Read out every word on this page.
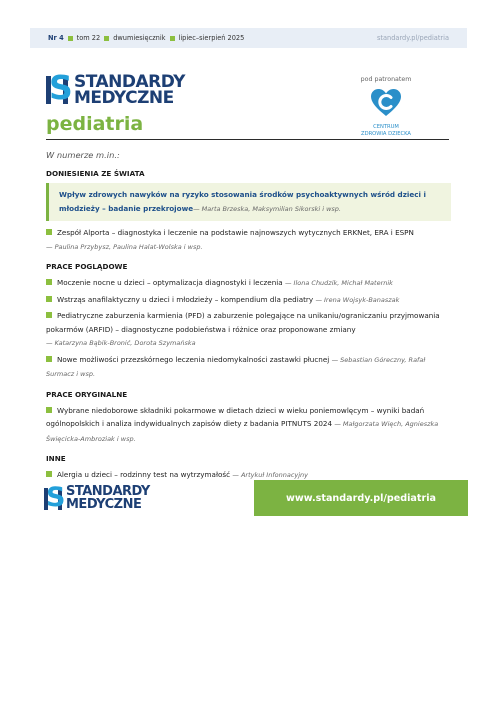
Nr 4 tom 22 dwumiesięcznik lipiec–sierpień 2025	standardy.pl/pediatria
S STANDARDY
MEDYCZNE
pediatria
pod patronatem
CENTRUM
ZDROWIA DZIECKA
W numerze m.in.:
DONIESIENIA ZE ŚWIATA
Wpływ zdrowych nawyków na ryzyko stosowania środków psychoaktywnych wśród dzieci i młodzieży – badanie przekrojowe— Marta Brzeska, Maksymilian Sikorski i wsp.
Zespół Alporta – diagnostyka i leczenie na podstawie najnowszych wytycznych ERKNet, ERA i ESPN
— Paulina Przybysz, Paulina Halat-Wolska i wsp.
PRACE POGLĄDOWE
Moczenie nocne u dzieci – optymalizacja diagnostyki i leczenia — Ilona Chudzik, Michał Maternik
Wstrząs anafilaktyczny u dzieci i młodzieży – kompendium dla pediatry — Irena Wojsyk-Banaszak
Pediatryczne zaburzenia karmienia (PFD) a zaburzenie polegające na unikaniu/ograniczaniu przyjmowania pokarmów (ARFID) – diagnostyczne podobieństwa i różnice oraz proponowane zmiany
— Katarzyna Bąbik-Bronić, Dorota Szymańska
Nowe możliwości przezskórnego leczenia niedomykalności zastawki płucnej — Sebastian Góreczny, Rafał Surmacz i wsp.
PRACE ORYGINALNE
Wybrane niedoborowe składniki pokarmowe w dietach dzieci w wieku poniemowlęcym – wyniki badań ogólnopolskich i analiza indywidualnych zapisów diety z badania PITNUTS 2024 — Małgorzata Więch, Agnieszka Święcicka-Ambroziak i wsp.
INNE
Alergia u dzieci – rodzinny test na wytrzymałość — Artykuł Infonnacyjny
S STANDARDY
MEDYCZNE	www.standardy.pl/pediatria
